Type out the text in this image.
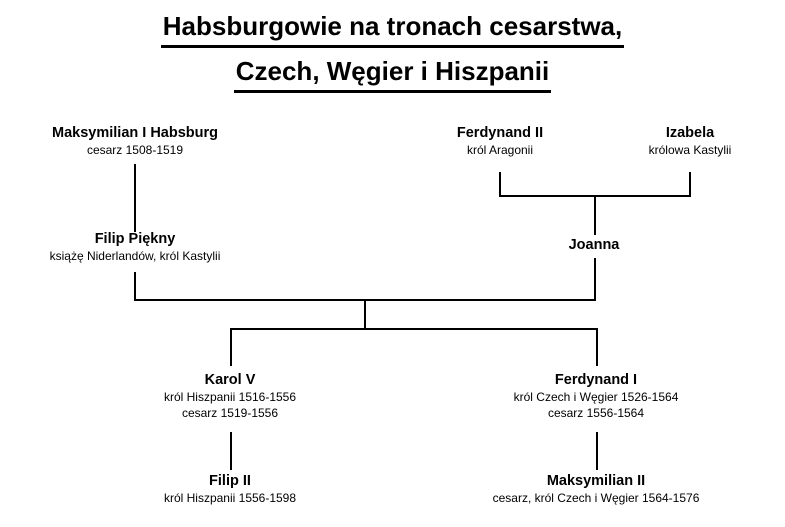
Habsburgowie na tronach cesarstwa, Czech, Węgier i Hiszpanii
Maksymilian I Habsburg
cesarz 1508-1519
Ferdynand II
król Aragonii
Izabela
królowa Kastylii
Filip Piękny
książę Niderlandów, król Kastylii
Joanna
Karol V
król Hiszpanii 1516-1556
cesarz 1519-1556
Ferdynand I
król Czech i Węgier 1526-1564
cesarz 1556-1564
Filip II
król Hiszpanii 1556-1598
Maksymilian II
cesarz, król Czech i Węgier 1564-1576
